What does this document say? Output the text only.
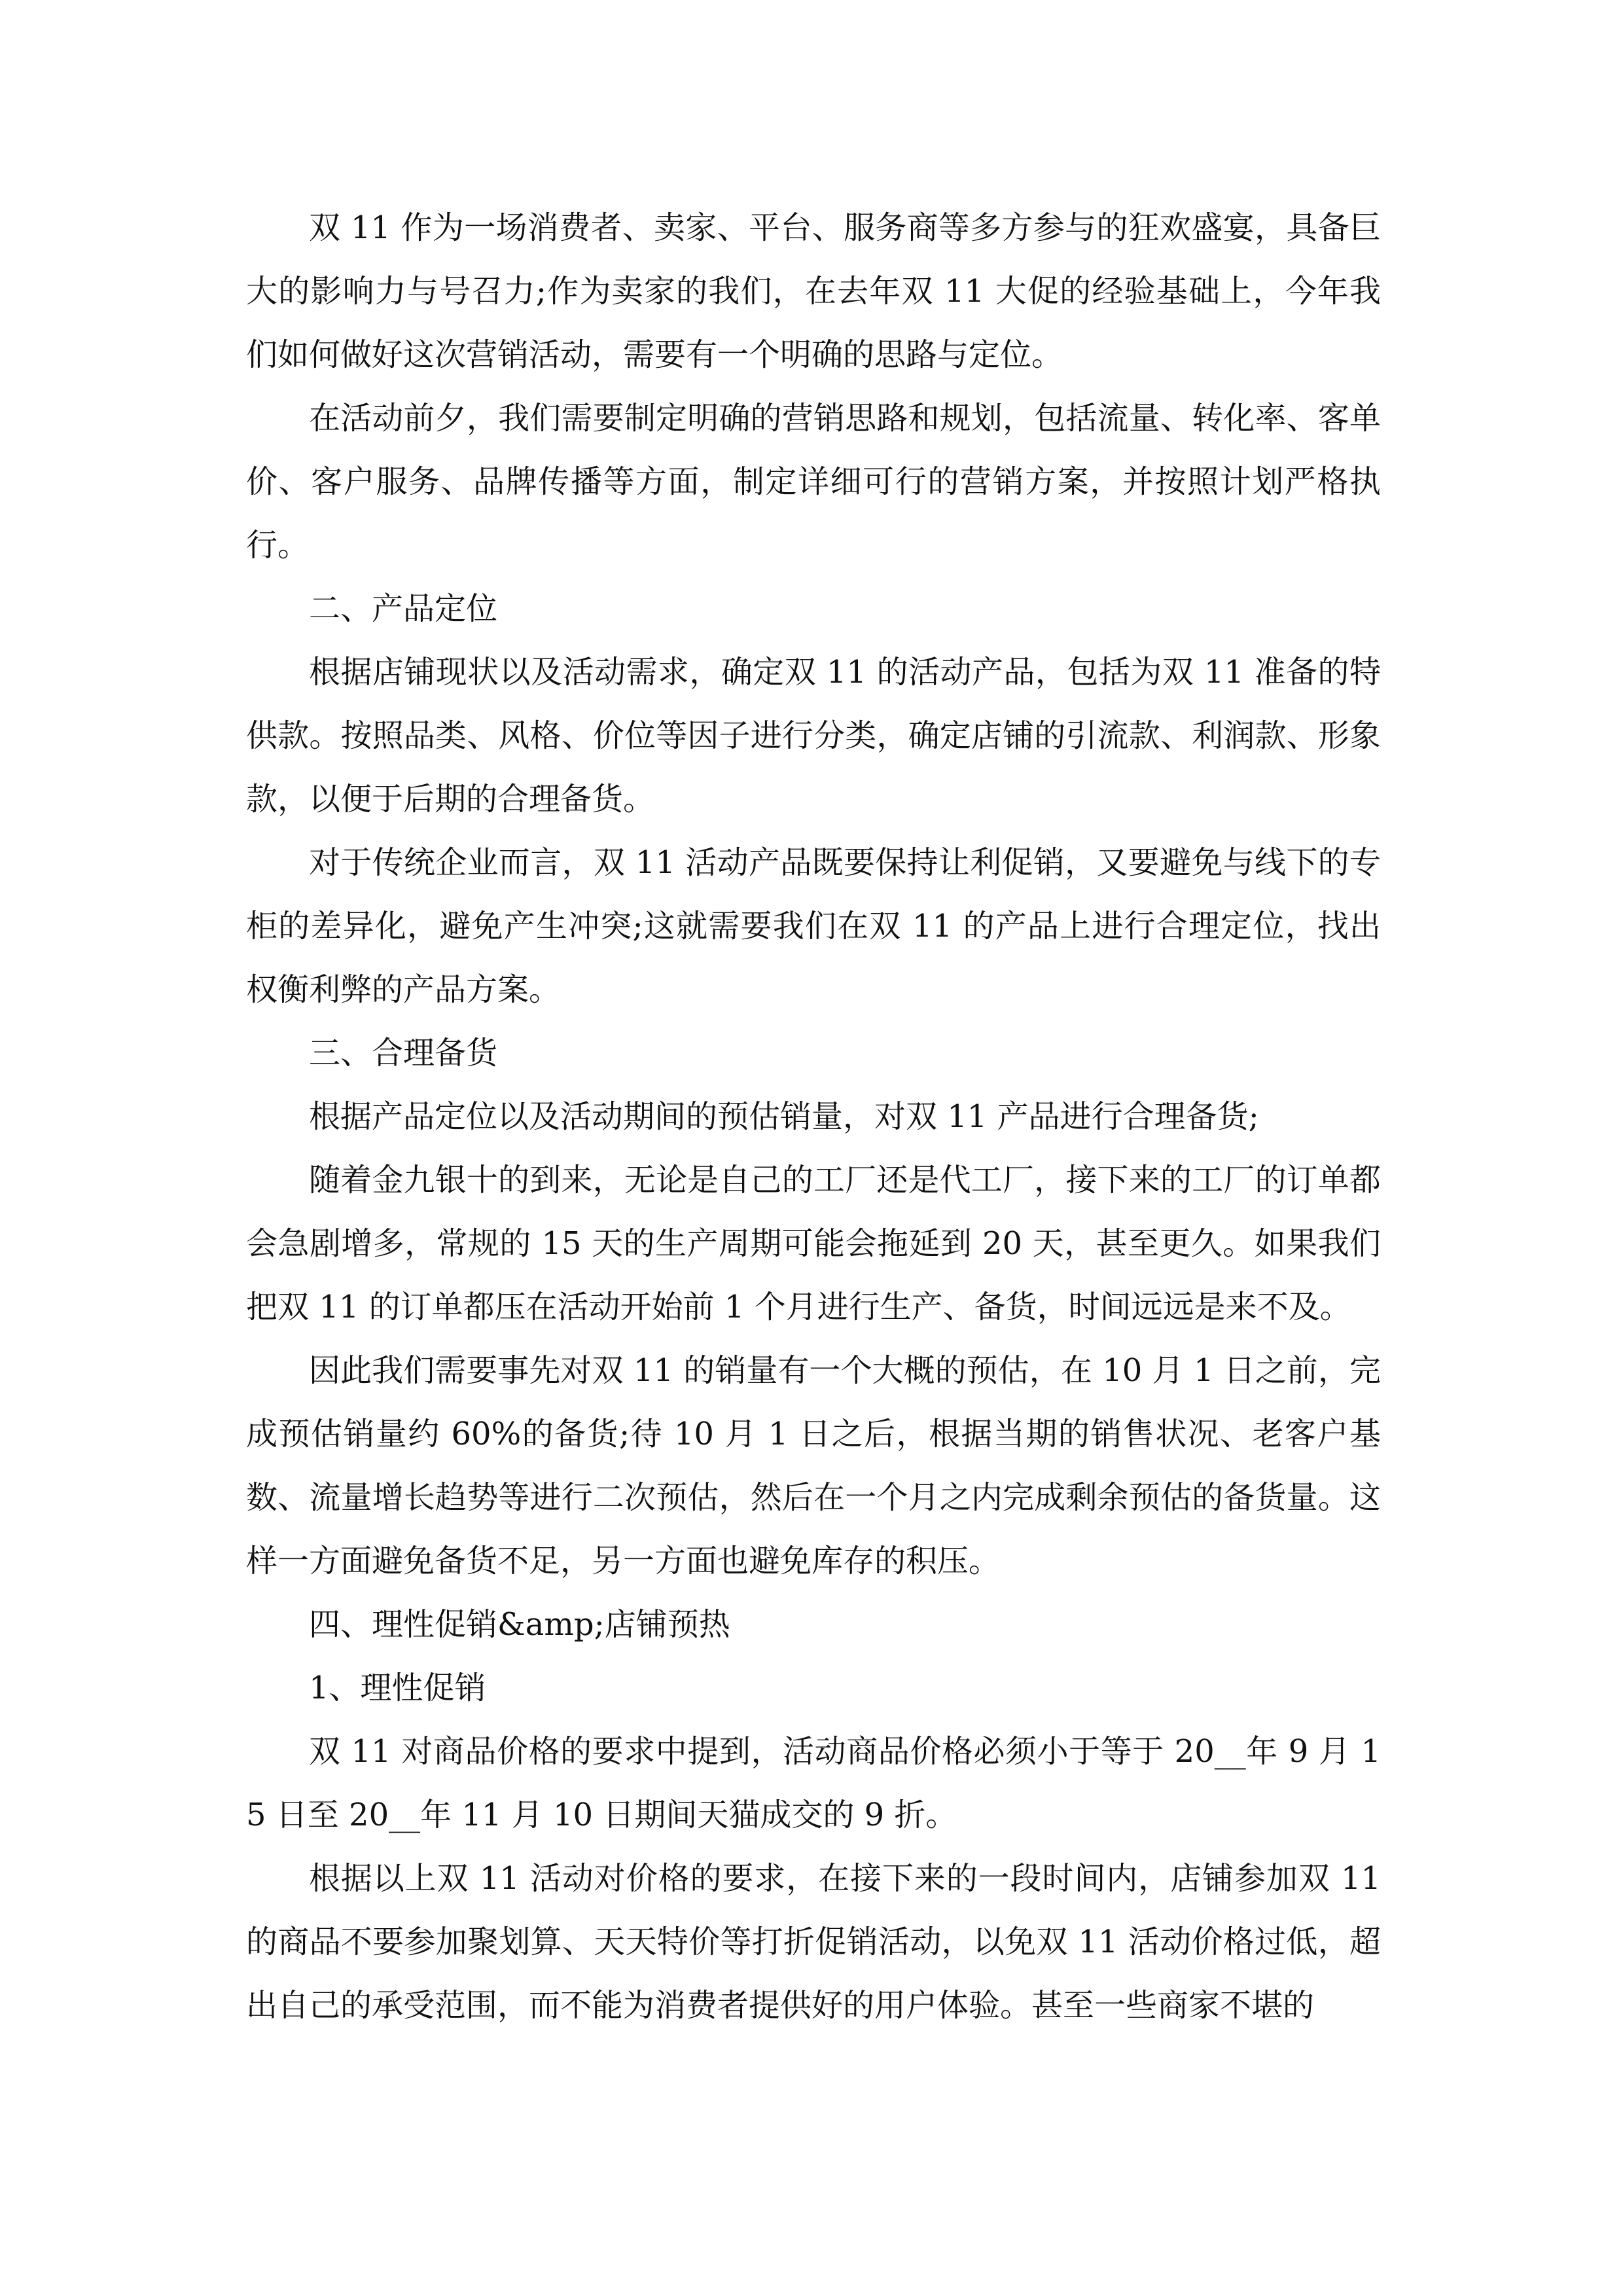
双 11 作为一场消费者、卖家、平台、服务商等多方参与的狂欢盛宴，具备巨大的影响力与号召力;作为卖家的我们，在去年双 11 大促的经验基础上，今年我们如何做好这次营销活动，需要有一个明确的思路与定位。

在活动前夕，我们需要制定明确的营销思路和规划，包括流量、转化率、客单价、客户服务、品牌传播等方面，制定详细可行的营销方案，并按照计划严格执行。

二、产品定位

根据店铺现状以及活动需求，确定双 11 的活动产品，包括为双 11 准备的特供款。按照品类、风格、价位等因子进行分类，确定店铺的引流款、利润款、形象款，以便于后期的合理备货。

对于传统企业而言，双 11 活动产品既要保持让利促销，又要避免与线下的专柜的差异化，避免产生冲突;这就需要我们在双 11 的产品上进行合理定位，找出权衡利弊的产品方案。

三、合理备货

根据产品定位以及活动期间的预估销量，对双 11 产品进行合理备货;

随着金九银十的到来，无论是自己的工厂还是代工厂，接下来的工厂的订单都会急剧增多，常规的 15 天的生产周期可能会拖延到 20 天，甚至更久。如果我们把双 11 的订单都压在活动开始前 1 个月进行生产、备货，时间远远是来不及。

因此我们需要事先对双 11 的销量有一个大概的预估，在 10 月 1 日之前，完成预估销量约 60%的备货;待 10 月 1 日之后，根据当期的销售状况、老客户基数、流量增长趋势等进行二次预估，然后在一个月之内完成剩余预估的备货量。这样一方面避免备货不足，另一方面也避免库存的积压。

四、理性促销&amp;店铺预热

1、理性促销

双 11 对商品价格的要求中提到，活动商品价格必须小于等于 20__年 9 月 15 日至 20__年 11 月 10 日期间天猫成交的 9 折。

根据以上双 11 活动对价格的要求，在接下来的一段时间内，店铺参加双 11 的商品不要参加聚划算、天天特价等打折促销活动，以免双 11 活动价格过低，超出自己的承受范围，而不能为消费者提供好的用户体验。甚至一些商家不堪的
